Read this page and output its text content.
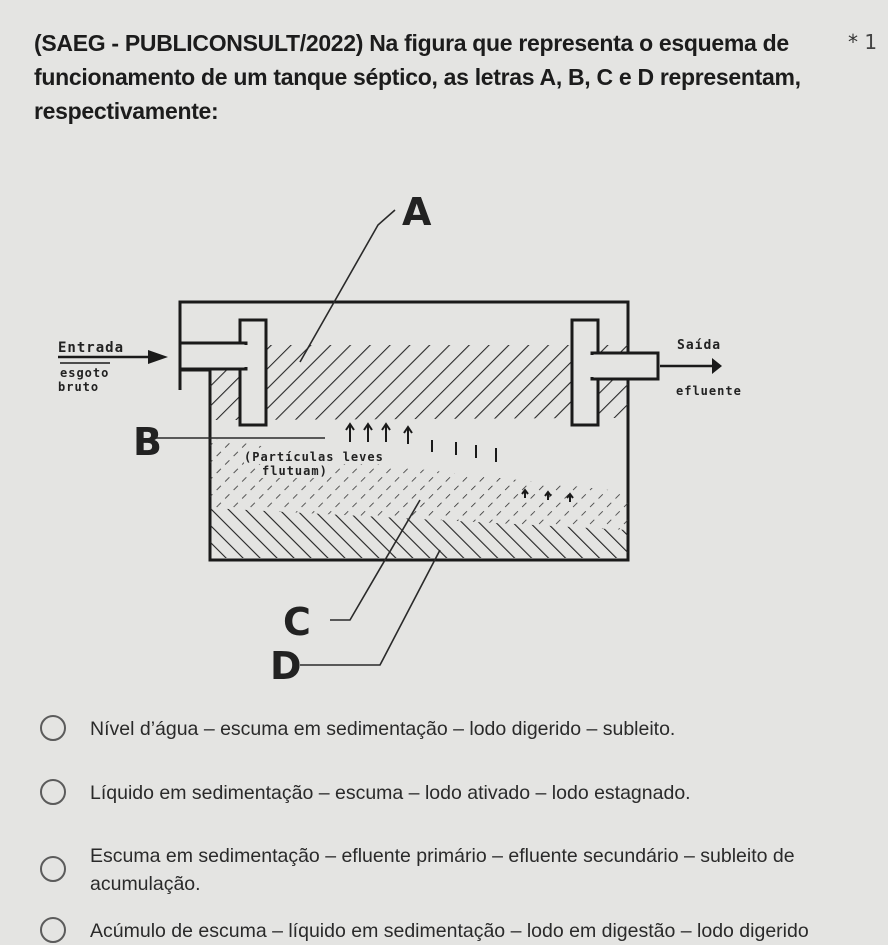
(SAEG - PUBLICONSULT/2022) Na figura que representa o esquema de funcionamento de um tanque séptico, as letras A, B, C e D representam, respectivamente:
* 1
A
B
C
D
Entrada
esgoto
bruto
Saída
efluente
(Partículas leves
flutuam)
Nível d’água – escuma em sedimentação – lodo digerido – subleito.
Líquido em sedimentação – escuma – lodo ativado – lodo estagnado.
Escuma em sedimentação – efluente primário – efluente secundário – subleito de acumulação.
Acúmulo de escuma – líquido em sedimentação – lodo em digestão – lodo digerido
